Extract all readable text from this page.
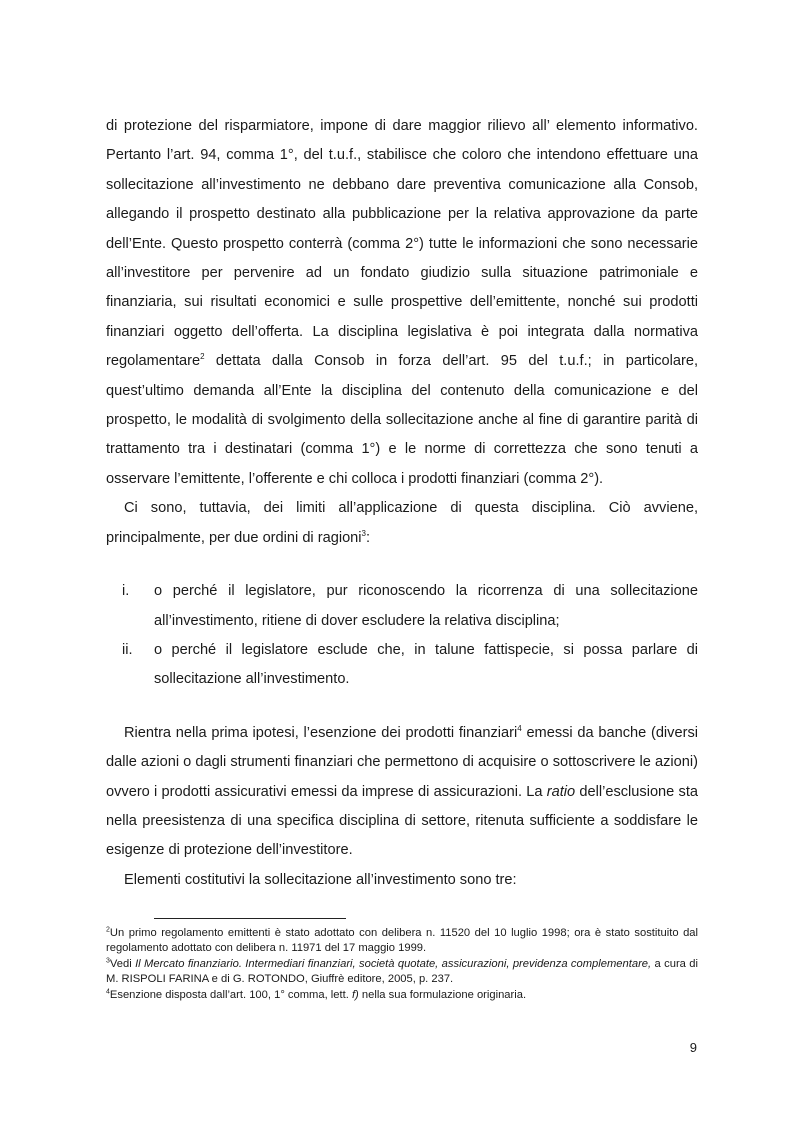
di protezione del risparmiatore, impone di dare maggior rilievo all’ elemento informativo. Pertanto l’art. 94, comma 1°, del t.u.f., stabilisce che coloro che intendono effettuare una sollecitazione all’investimento ne debbano dare preventiva comunicazione alla Consob, allegando il prospetto destinato alla pubblicazione per la relativa approvazione da parte dell’Ente. Questo prospetto conterrà (comma 2°) tutte le informazioni che sono necessarie all’investitore per pervenire ad un fondato giudizio sulla situazione patrimoniale e finanziaria, sui risultati economici e sulle prospettive dell’emittente, nonché sui prodotti finanziari oggetto dell’offerta. La disciplina legislativa è poi integrata dalla normativa regolamentare$^2$ dettata dalla Consob in forza dell’art. 95 del t.u.f.; in particolare, quest’ultimo demanda all’Ente la disciplina del contenuto della comunicazione e del prospetto, le modalità di svolgimento della sollecitazione anche al fine di garantire parità di trattamento tra i destinatari (comma 1°) e le norme di correttezza che sono tenuti a osservare l’emittente, l’offerente e chi colloca i prodotti finanziari (comma 2°).

Ci sono, tuttavia, dei limiti all’applicazione di questa disciplina. Ciò avviene, principalmente, per due ordini di ragioni$^3$:

i. o perché il legislatore, pur riconoscendo la ricorrenza di una sollecitazione all’investimento, ritiene di dover escludere la relativa disciplina;
ii. o perché il legislatore esclude che, in talune fattispecie, si possa parlare di sollecitazione all’investimento.

Rientra nella prima ipotesi, l’esenzione dei prodotti finanziari$^4$ emessi da banche (diversi dalle azioni o dagli strumenti finanziari che permettono di acquisire o sottoscrivere le azioni) ovvero i prodotti assicurativi emessi da imprese di assicurazioni. La ratio dell’esclusione sta nella preesistenza di una specifica disciplina di settore, ritenuta sufficiente a soddisfare le esigenze di protezione dell’investitore.

Elementi costitutivi la sollecitazione all’investimento sono tre:

$^2$Un primo regolamento emittenti è stato adottato con delibera n. 11520 del 10 luglio 1998; ora è stato sostituito dal regolamento adottato con delibera n. 11971 del 17 maggio 1999.

$^3$Vedi Il Mercato finanziario. Intermediari finanziari, società quotate, assicurazioni, previdenza complementare, a cura di M. RISPOLI FARINA e di G. ROTONDO, Giuffrè editore, 2005, p. 237.

$^4$Esenzione disposta dall’art. 100, 1° comma, lett. f) nella sua formulazione originaria.

9
